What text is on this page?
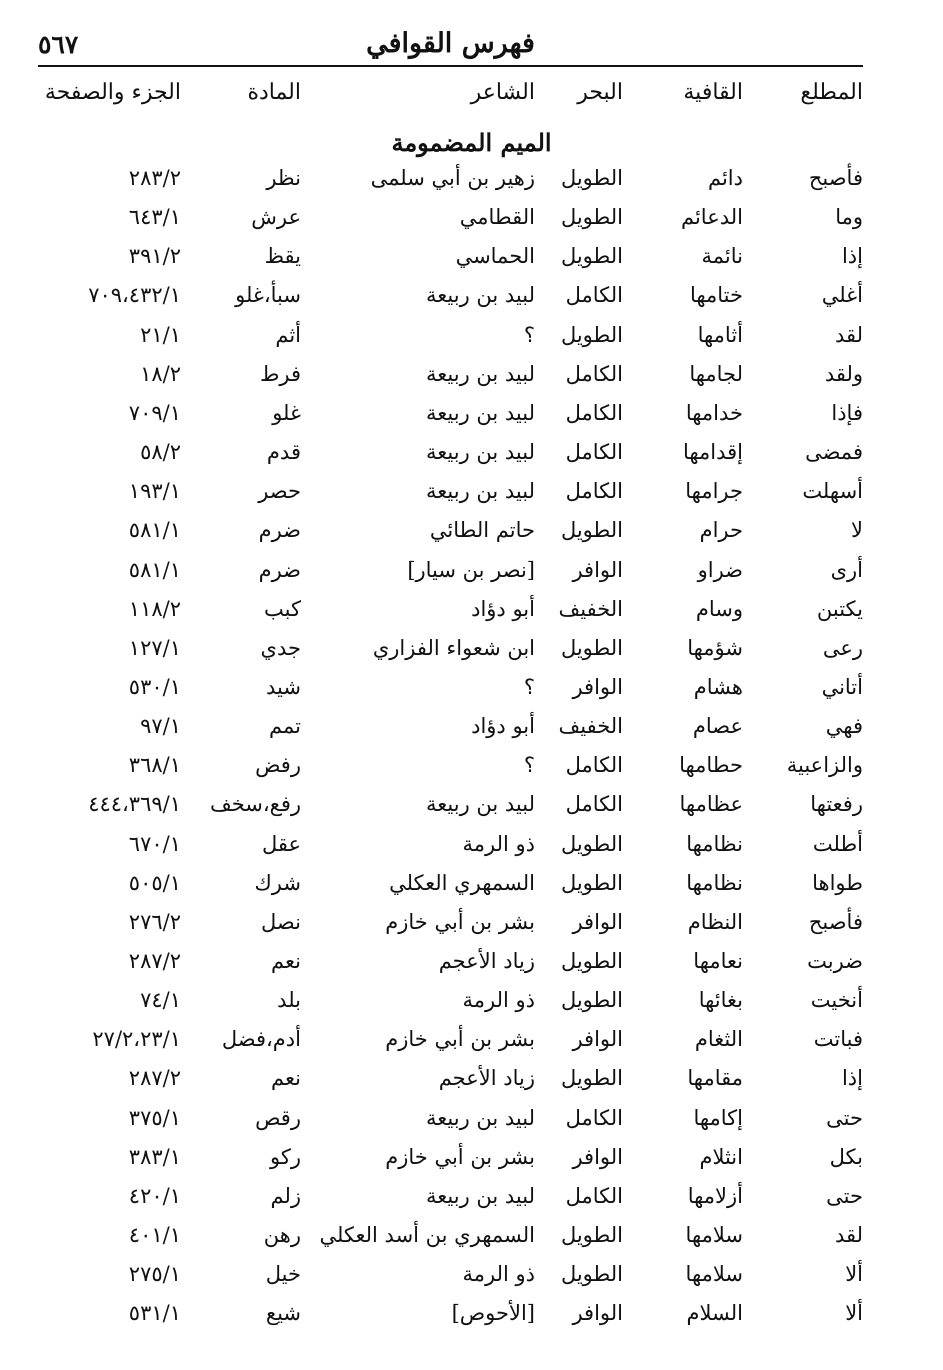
فهرس القوافي
٥٦٧
المطلع
القافية
البحر
الشاعر
المادة
الجزء والصفحة
الميم المضمومة
فأصبح
دائم
الطويل
زهير بن أبي سلمى
نظر
٢٨٣/٢
وما
الدعائم
الطويل
القطامي
عرش
٦٤٣/١
إذا
نائمة
الطويل
الحماسي
يقظ
٣٩١/٢
أغلي
ختامها
الكامل
لبيد بن ربيعة
سبأ،غلو
٧٠٩،٤٣٢/١
لقد
أثامها
الطويل
؟
أثم
٢١/١
ولقد
لجامها
الكامل
لبيد بن ربيعة
فرط
١٨/٢
فإذا
خدامها
الكامل
لبيد بن ربيعة
غلو
٧٠٩/١
فمضى
إقدامها
الكامل
لبيد بن ربيعة
قدم
٥٨/٢
أسهلت
جرامها
الكامل
لبيد بن ربيعة
حصر
١٩٣/١
لا
حرام
الطويل
حاتم الطائي
ضرم
٥٨١/١
أرى
ضراو
الوافر
[نصر بن سيار]
ضرم
٥٨١/١
يكتبن
وسام
الخفيف
أبو دؤاد
كبب
١١٨/٢
رعى
شؤمها
الطويل
ابن شعواء الفزاري
جدي
١٢٧/١
أتاني
هشام
الوافر
؟
شيد
٥٣٠/١
فهي
عصام
الخفيف
أبو دؤاد
تمم
٩٧/١
والزاعبية
حطامها
الكامل
؟
رفض
٣٦٨/١
رفعتها
عظامها
الكامل
لبيد بن ربيعة
رفع،سخف
٤٤٤،٣٦٩/١
أطلت
نظامها
الطويل
ذو الرمة
عقل
٦٧٠/١
طواها
نظامها
الطويل
السمهري العكلي
شرك
٥٠٥/١
فأصبح
النظام
الوافر
بشر بن أبي خازم
نصل
٢٧٦/٢
ضربت
نعامها
الطويل
زياد الأعجم
نعم
٢٨٧/٢
أنخيت
بغائها
الطويل
ذو الرمة
بلد
٧٤/١
فباتت
الثغام
الوافر
بشر بن أبي خازم
أدم،فضل
٢٧/٢،٢٣/١
إذا
مقامها
الطويل
زياد الأعجم
نعم
٢٨٧/٢
حتى
إكامها
الكامل
لبيد بن ربيعة
رقص
٣٧٥/١
بكل
انثلام
الوافر
بشر بن أبي خازم
ركو
٣٨٣/١
حتى
أزلامها
الكامل
لبيد بن ربيعة
زلم
٤٢٠/١
لقد
سلامها
الطويل
السمهري بن أسد العكلي
رهن
٤٠١/١
ألا
سلامها
الطويل
ذو الرمة
خيل
٢٧٥/١
ألا
السلام
الوافر
[الأحوص]
شيع
٥٣١/١
